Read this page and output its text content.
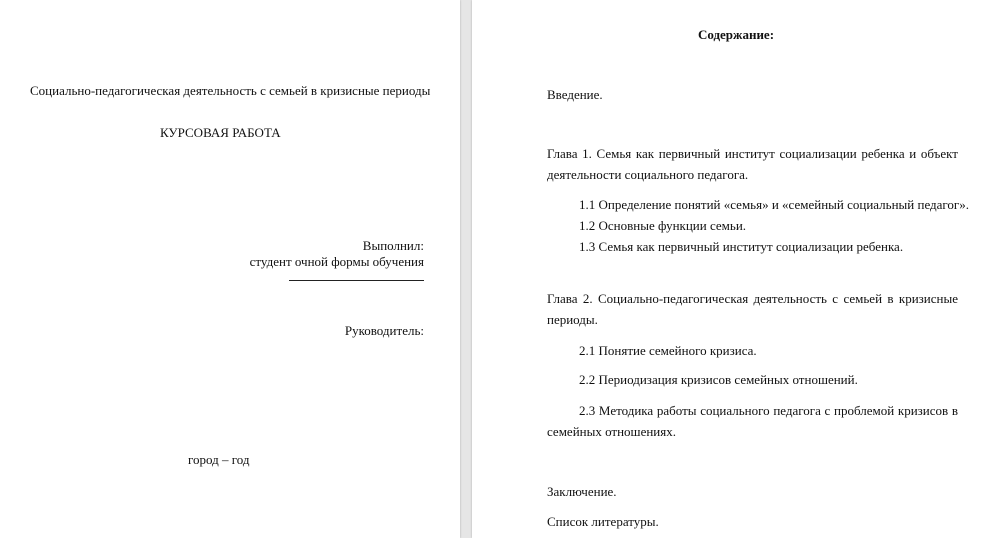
Социально-педагогическая деятельность с семьей в кризисные периоды
КУРСОВАЯ РАБОТА
Выполнил:
студент очной формы обучения
Руководитель:
город – год
Содержание:
Введение.
Глава 1. Семья как первичный институт социализации ребенка и объект деятельности социального педагога.
1.1 Определение понятий «семья» и «семейный социальный педагог».
1.2 Основные функции семьи.
1.3 Семья как первичный институт социализации ребенка.
Глава 2. Социально-педагогическая деятельность с семьей в кризисные периоды.
2.1 Понятие семейного кризиса.
2.2 Периодизация кризисов семейных отношений.
2.3 Методика работы социального педагога с проблемой кризисов в семейных отношениях.
Заключение.
Список литературы.
